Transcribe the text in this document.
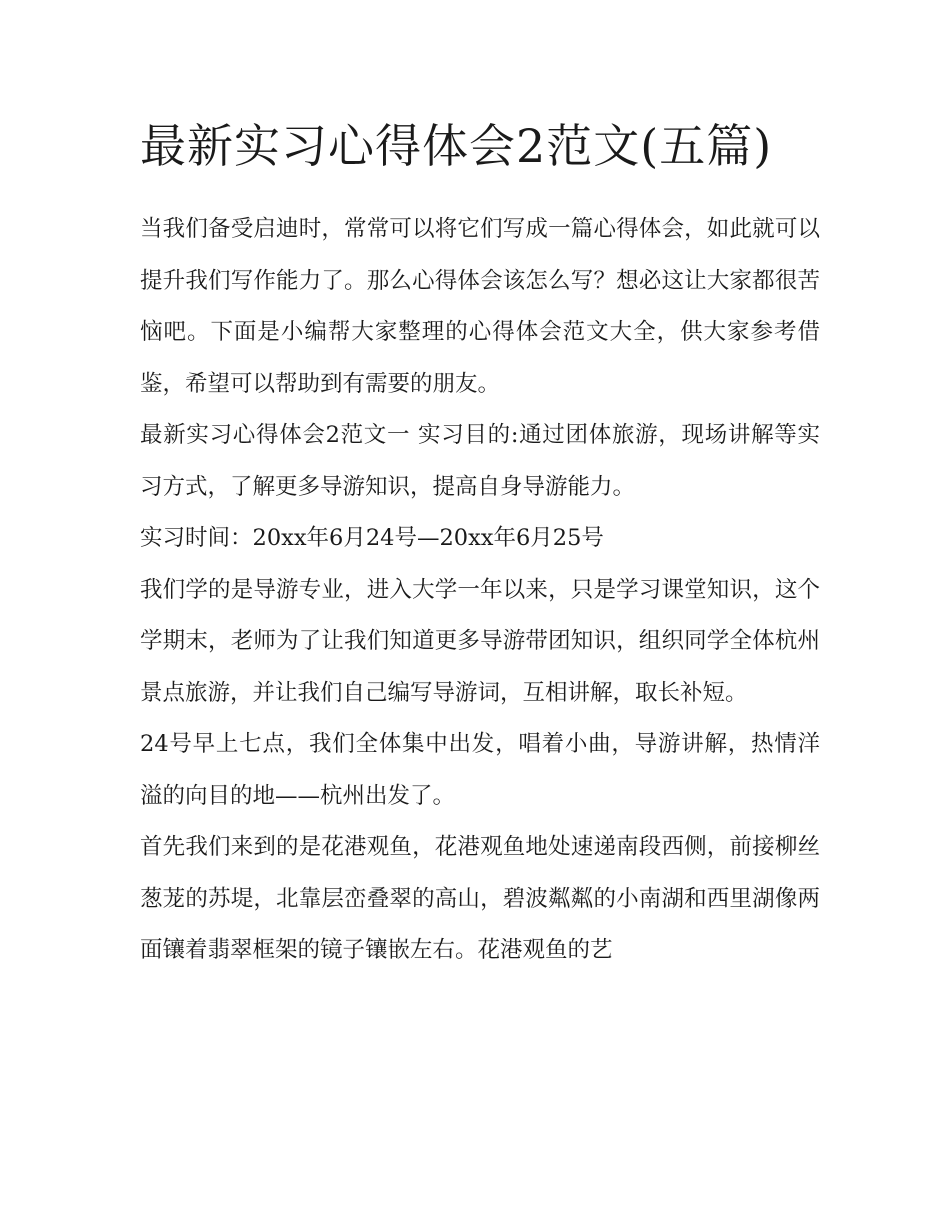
最新实习心得体会2范文(五篇)

当我们备受启迪时，常常可以将它们写成一篇心得体会，如此就可以提升我们写作能力了。那么心得体会该怎么写？想必这让大家都很苦恼吧。下面是小编帮大家整理的心得体会范文大全，供大家参考借鉴，希望可以帮助到有需要的朋友。

最新实习心得体会2范文一 实习目的:通过团体旅游，现场讲解等实习方式，了解更多导游知识，提高自身导游能力。

实习时间：20xx年6月24号—20xx年6月25号

我们学的是导游专业，进入大学一年以来，只是学习课堂知识，这个学期末，老师为了让我们知道更多导游带团知识，组织同学全体杭州景点旅游，并让我们自己编写导游词，互相讲解，取长补短。

24号早上七点，我们全体集中出发，唱着小曲，导游讲解，热情洋溢的向目的地——杭州出发了。

首先我们来到的是花港观鱼，花港观鱼地处速递南段西侧，前接柳丝葱茏的苏堤，北靠层峦叠翠的高山，碧波粼粼的小南湖和西里湖像两面镶着翡翠框架的镜子镶嵌左右。花港观鱼的艺
